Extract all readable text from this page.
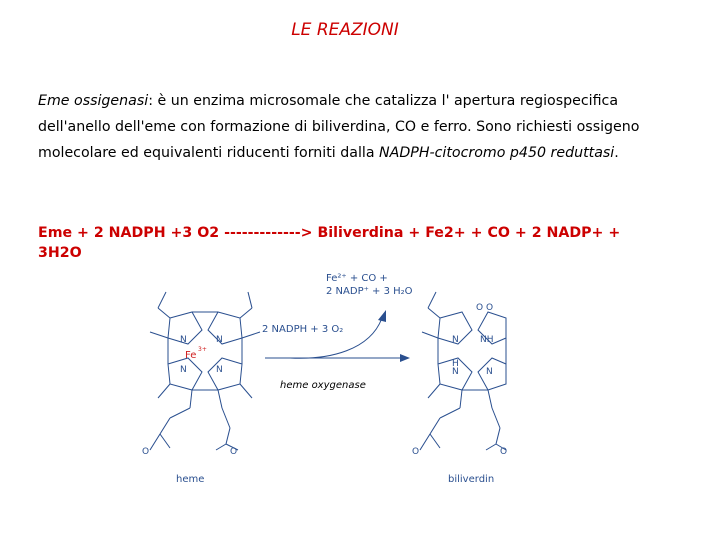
LE REAZIONI
Eme ossigenasi: è un enzima microsomale che catalizza l' apertura regiospecifica
dell'anello dell'eme con formazione di biliverdina, CO e ferro. Sono richiesti ossigeno
molecolare ed equivalenti riducenti forniti dalla NADPH-citocromo p450 reduttasi.
Eme + 2 NADPH +3 O2 -------------> Biliverdina + Fe2+ + CO + 2 NADP+ +
3H2O
Fe²⁺ + CO +
2 NADP⁺ + 3 H₂O
2 NADPH + 3 O₂
heme oxygenase
Fe
3+
N	N
N	N
O	O
O O
NH
H
N	N
N
O	O
heme	biliverdin
